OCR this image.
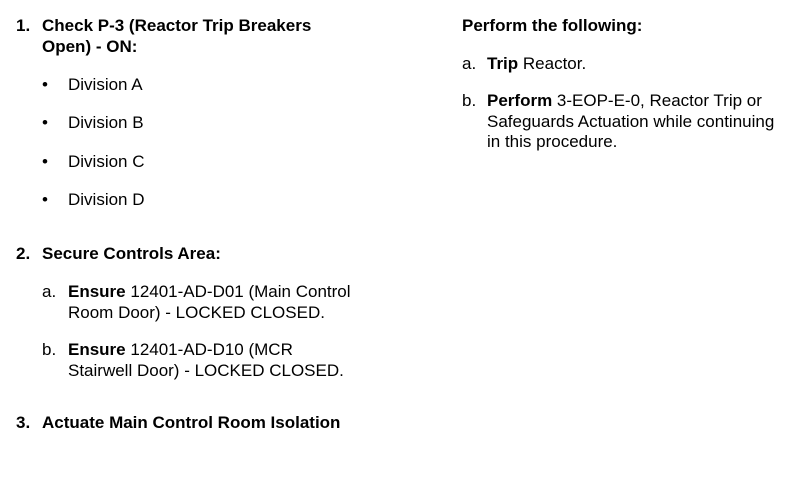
1. Check P-3 (Reactor Trip Breakers
Open) - ON:
• Division A
• Division B
• Division C
• Division D
2. Secure Controls Area:
a. Ensure 12401-AD-D01 (Main Control
Room Door) - LOCKED CLOSED.
b. Ensure 12401-AD-D10 (MCR
Stairwell Door) - LOCKED CLOSED.
3. Actuate Main Control Room Isolation
Perform the following:
a. Trip Reactor.
b. Perform 3-EOP-E-0, Reactor Trip or
Safeguards Actuation while continuing
in this procedure.
